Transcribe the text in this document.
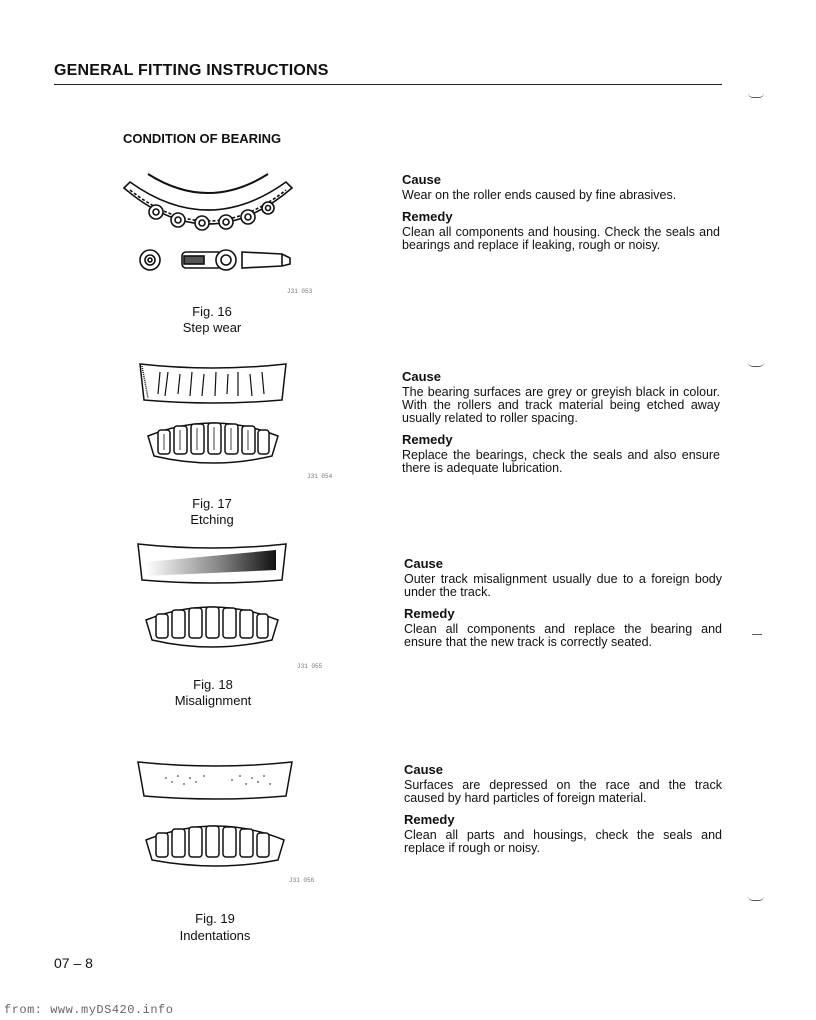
GENERAL FITTING INSTRUCTIONS
CONDITION OF BEARING
J31 053
Fig. 16
Step wear
Cause
Wear on the roller ends caused by fine abrasives.
Remedy
Clean all components and housing. Check the seals and bearings and replace if leaking, rough or noisy.
J31 054
Fig. 17
Etching
Cause
The bearing surfaces are grey or greyish black in colour. With the rollers and track material being etched away usually related to roller spacing.
Remedy
Replace the bearings, check the seals and also ensure there is adequate lubrication.
J31 055
Fig. 18
Misalignment
Cause
Outer track misalignment usually due to a foreign body under the track.
Remedy
Clean all components and replace the bearing and ensure that the new track is correctly seated.
J31 056
Fig. 19
Indentations
Cause
Surfaces are depressed on the race and the track caused by hard particles of foreign material.
Remedy
Clean all parts and housings, check the seals and replace if rough or noisy.
07 – 8
from: www.myDS420.info
